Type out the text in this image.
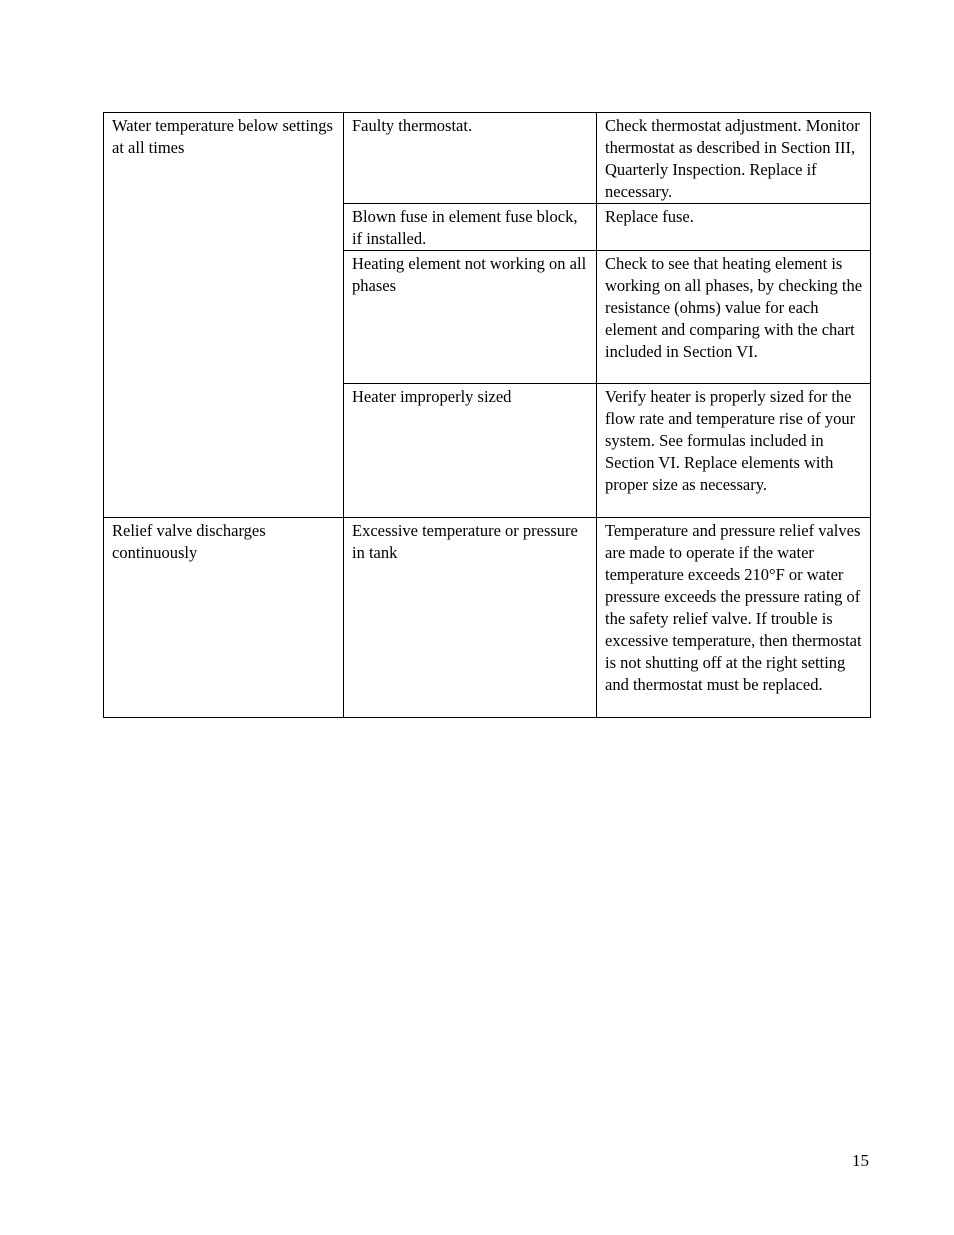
Water temperature below settings at all times	Faulty thermostat.	Check thermostat adjustment. Monitor thermostat as described in Section III, Quarterly Inspection. Replace if necessary.

	Blown fuse in element fuse block, if installed.	Replace fuse.

	Heating element not working on all phases	Check to see that heating element is working on all phases, by checking the resistance (ohms) value for each element and comparing with the chart included in Section VI.

	Heater improperly sized	Verify heater is properly sized for the flow rate and temperature rise of your system. See formulas included in Section VI. Replace elements with proper size as necessary.

Relief valve discharges continuously	Excessive temperature or pressure in tank	Temperature and pressure relief valves are made to operate if the water temperature exceeds 210°F or water pressure exceeds the pressure rating of the safety relief valve. If trouble is excessive temperature, then thermostat is not shutting off at the right setting and thermostat must be replaced.
15
